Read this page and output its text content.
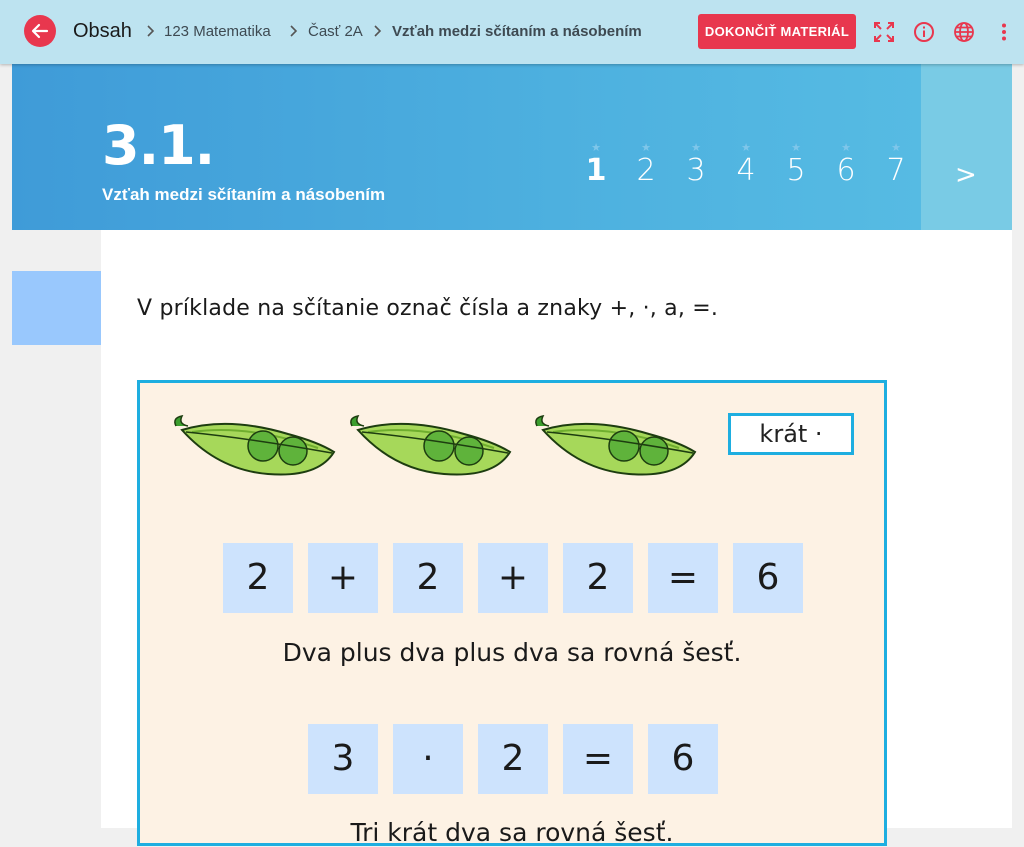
Obsah 123 Matematika Časť 2A Vzťah medzi sčítaním a násobením	DOKONČIŤ MATERIÁL
3.1.
Vzťah medzi sčítaním a násobením
★
1
★
2
★
3
★
4
★
5
★
6
★
7	>
V príklade na sčítanie označ čísla a znaky +, ·, a, =.
krát ·
2	+	2	+	2	=	6
Dva plus dva plus dva sa rovná šesť.
3	·	2	=	6
Tri krát dva sa rovná šesť.
